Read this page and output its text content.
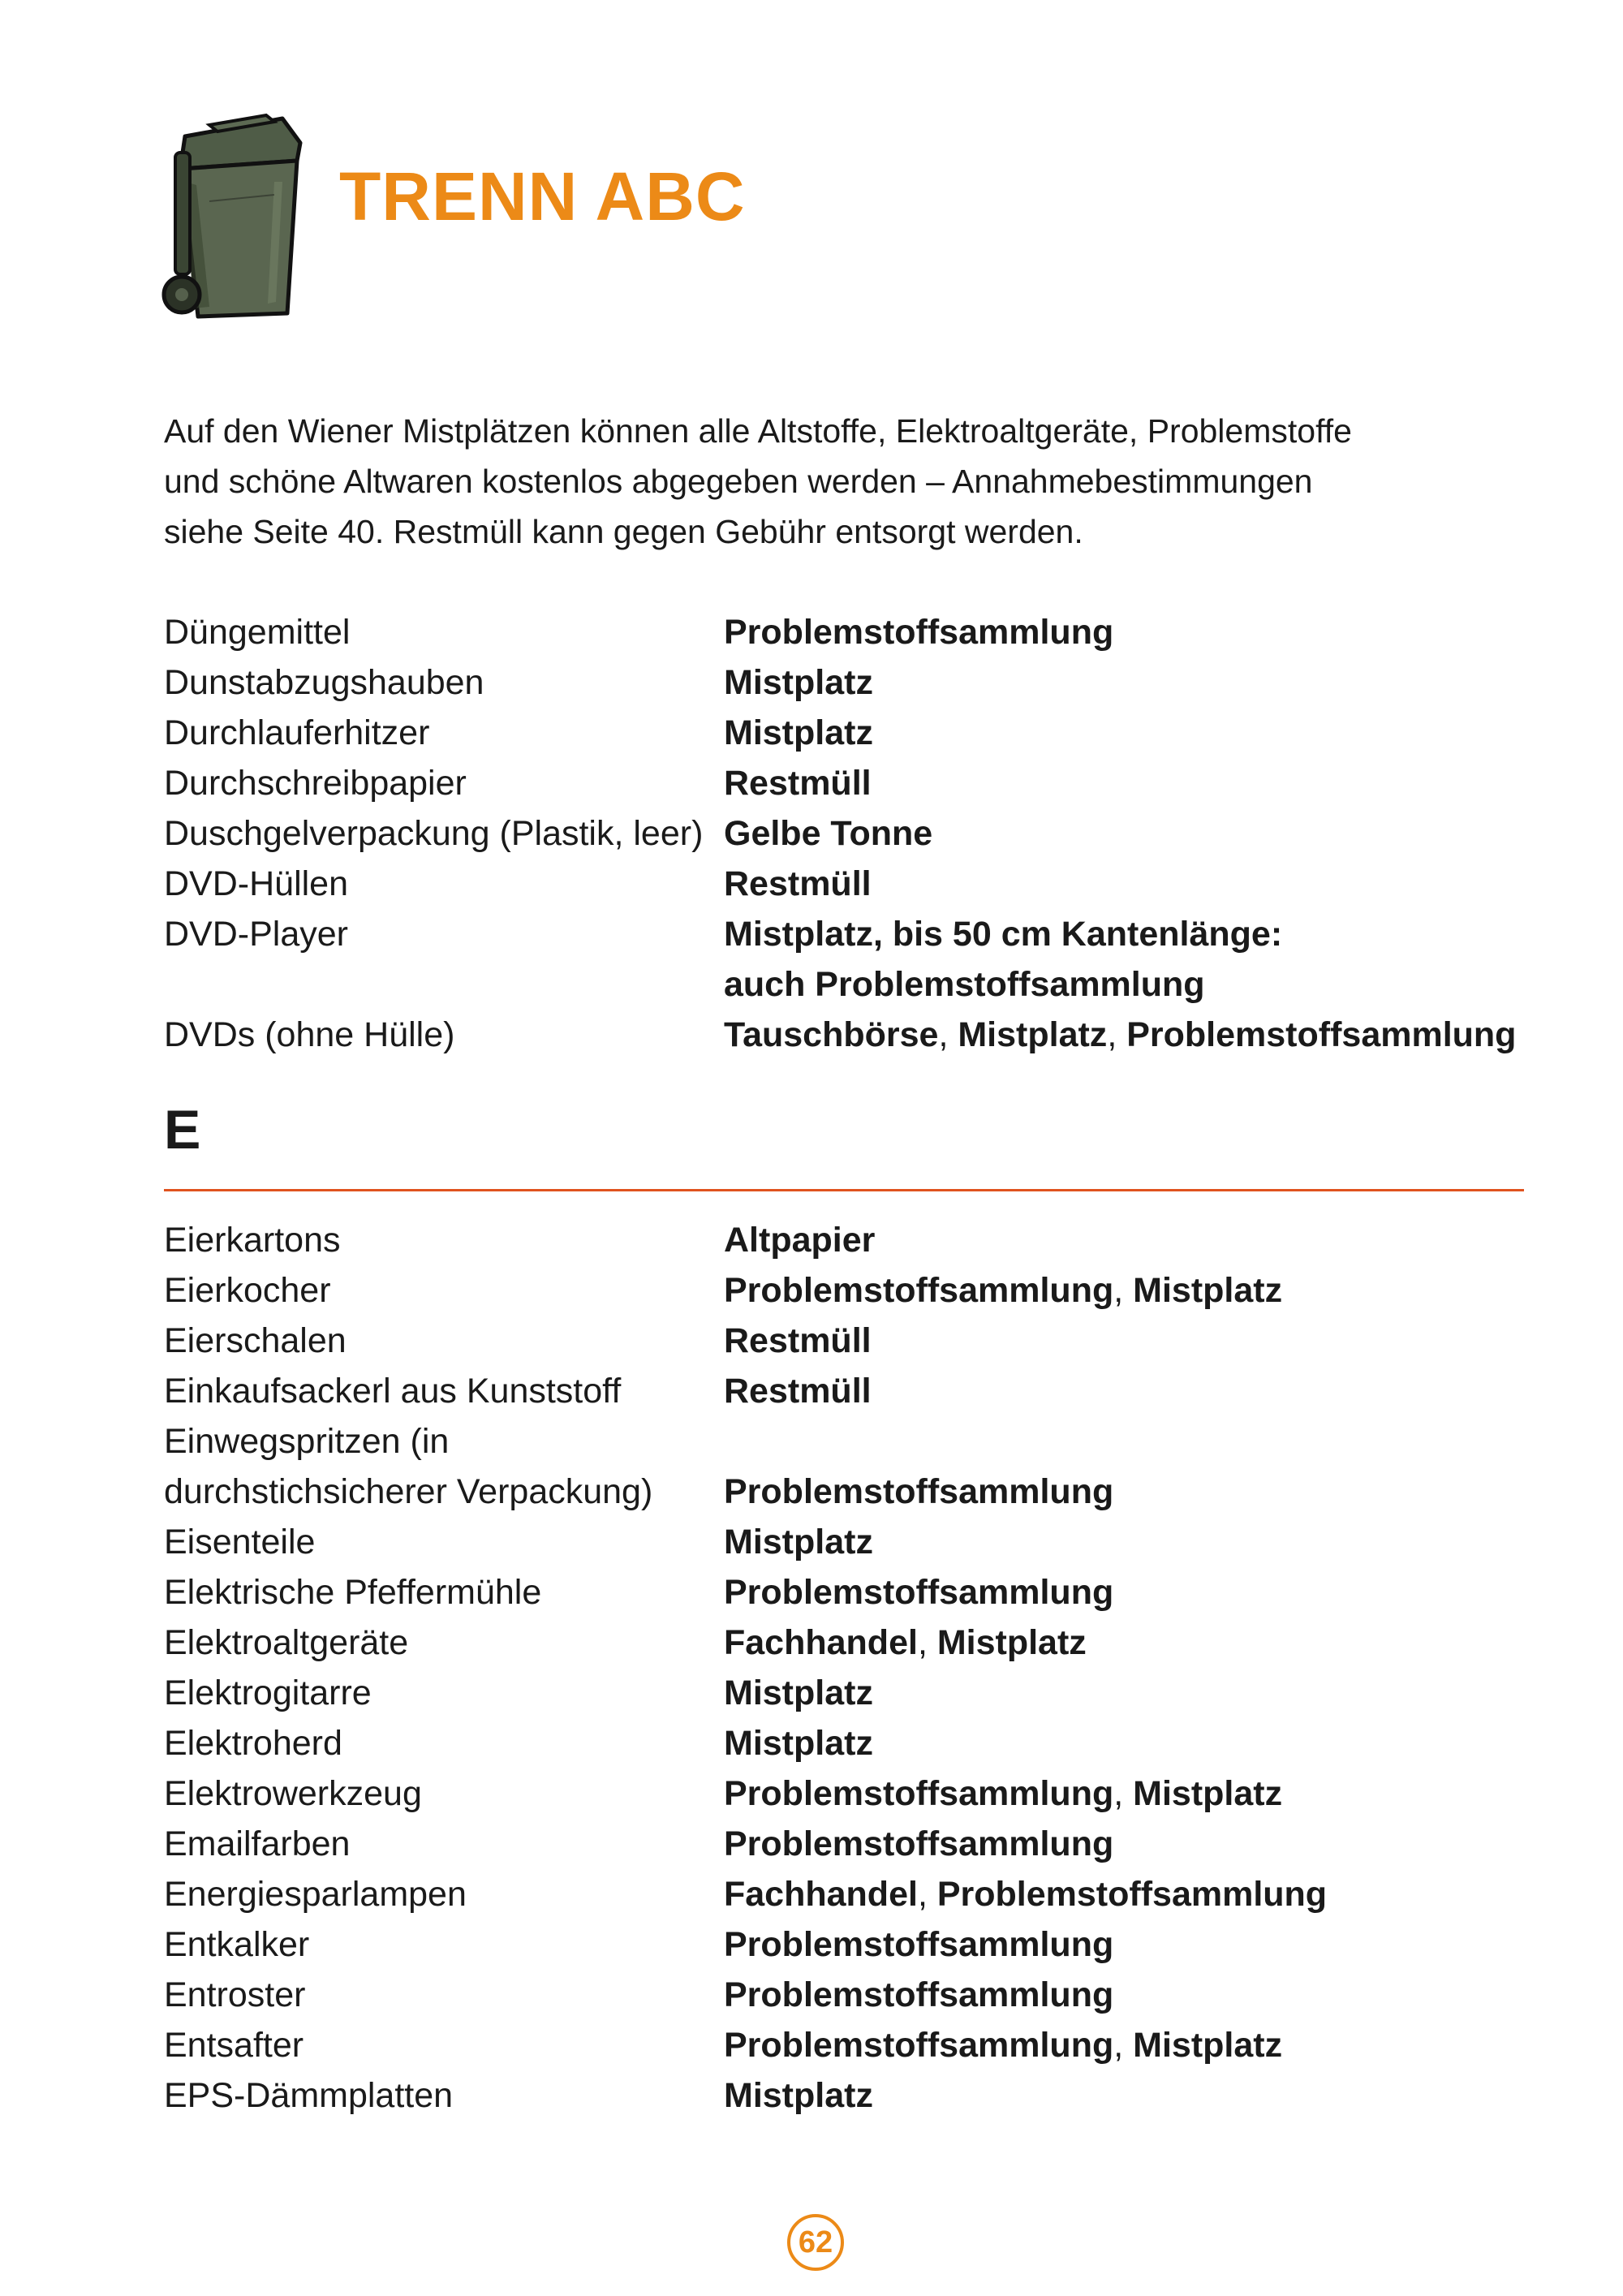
TRENN ABC

Auf den Wiener Mistplätzen können alle Altstoffe, Elektroaltgeräte, Problemstoffe
und schöne Altwaren kostenlos abgegeben werden – Annahmebestimmungen
siehe Seite 40. Restmüll kann gegen Gebühr entsorgt werden.

Düngemittel	Problemstoffsammlung
Dunstabzugshauben	Mistplatz
Durchlauferhitzer	Mistplatz
Durchschreibpapier	Restmüll
Duschgelverpackung (Plastik, leer) Gelbe Tonne
DVD-Hüllen	Restmüll
DVD-Player	Mistplatz, bis 50 cm Kantenlänge:
auch Problemstoffsammlung
DVDs (ohne Hülle)	Tauschbörse, Mistplatz, Problemstoffsammlung
E
Eierkartons	Altpapier
Eierkocher	Problemstoffsammlung, Mistplatz
Eierschalen	Restmüll
Einkaufsackerl aus Kunststoff	Restmüll
Einwegspritzen (in
durchstichsicherer Verpackung)
	Problemstoffsammlung
Eisenteile	Mistplatz
Elektrische Pfeffermühle	Problemstoffsammlung
Elektroaltgeräte	Fachhandel, Mistplatz
Elektrogitarre	Mistplatz
Elektroherd	Mistplatz
Elektrowerkzeug	Problemstoffsammlung, Mistplatz
Emailfarben	Problemstoffsammlung
Energiesparlampen	Fachhandel, Problemstoffsammlung
Entkalker	Problemstoffsammlung
Entroster	Problemstoffsammlung
Entsafter	Problemstoffsammlung, Mistplatz
EPS-Dämmplatten	Mistplatz
62
